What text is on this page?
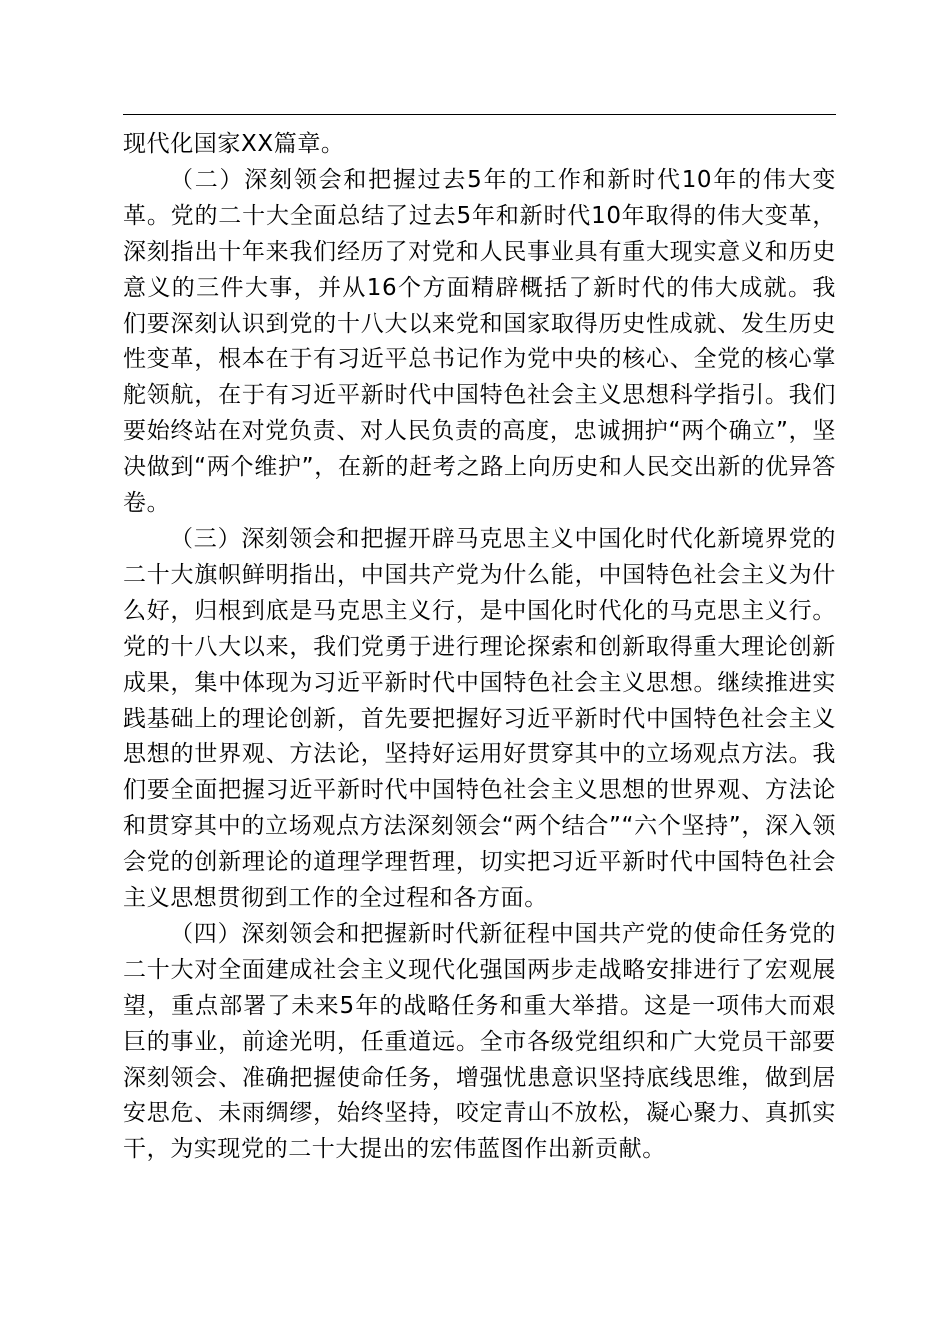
现代化国家XX篇章。

（二）深刻领会和把握过去5年的工作和新时代10年的伟大变革。党的二十大全面总结了过去5年和新时代10年取得的伟大变革，深刻指出十年来我们经历了对党和人民事业具有重大现实意义和历史意义的三件大事，并从16个方面精辟概括了新时代的伟大成就。我们要深刻认识到党的十八大以来党和国家取得历史性成就、发生历史性变革，根本在于有习近平总书记作为党中央的核心、全党的核心掌舵领航，在于有习近平新时代中国特色社会主义思想科学指引。我们要始终站在对党负责、对人民负责的高度，忠诚拥护“两个确立”，坚决做到“两个维护”，在新的赶考之路上向历史和人民交出新的优异答卷。

（三）深刻领会和把握开辟马克思主义中国化时代化新境界党的二十大旗帜鲜明指出，中国共产党为什么能，中国特色社会主义为什么好，归根到底是马克思主义行，是中国化时代化的马克思主义行。党的十八大以来，我们党勇于进行理论探索和创新取得重大理论创新成果，集中体现为习近平新时代中国特色社会主义思想。继续推进实践基础上的理论创新，首先要把握好习近平新时代中国特色社会主义思想的世界观、方法论，坚持好运用好贯穿其中的立场观点方法。我们要全面把握习近平新时代中国特色社会主义思想的世界观、方法论和贯穿其中的立场观点方法深刻领会“两个结合”“六个坚持”，深入领会党的创新理论的道理学理哲理，切实把习近平新时代中国特色社会主义思想贯彻到工作的全过程和各方面。

（四）深刻领会和把握新时代新征程中国共产党的使命任务党的二十大对全面建成社会主义现代化强国两步走战略安排进行了宏观展望，重点部署了未来5年的战略任务和重大举措。这是一项伟大而艰巨的事业，前途光明，任重道远。全市各级党组织和广大党员干部要深刻领会、准确把握使命任务，增强忧患意识坚持底线思维，做到居安思危、未雨绸缪，始终坚持，咬定青山不放松，凝心聚力、真抓实干，为实现党的二十大提出的宏伟蓝图作出新贡献。
